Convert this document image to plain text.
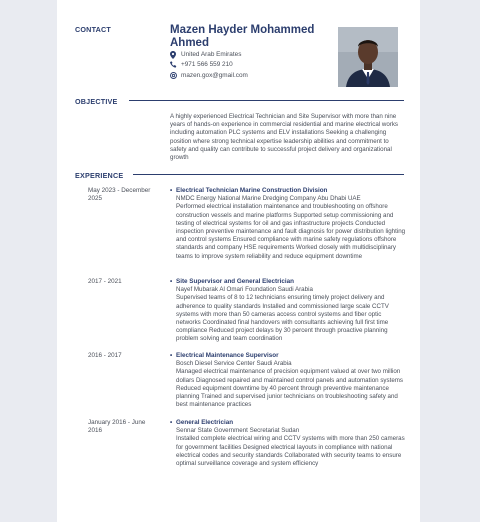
CONTACT	Mazen Hayder Mohammed Ahmed
United Arab Emirates
+971 566 559 210
mazen.gox@gmail.com
OBJECTIVE
A highly experienced Electrical Technician and Site Supervisor with more than nine years of hands-on experience in commercial residential and marine electrical works including automation PLC systems and ELV installations Seeking a challenging position where strong technical expertise leadership abilities and commitment to safety and quality can contribute to successful project delivery and organizational growth
EXPERIENCE
May 2023 - December 2025
• Electrical Technician Marine Construction Division
NMDC Energy National Marine Dredging Company Abu Dhabi UAE
Performed electrical installation maintenance and troubleshooting on offshore construction vessels and marine platforms Supported setup commissioning and testing of electrical systems for oil and gas infrastructure projects Conducted inspection preventive maintenance and fault diagnosis for power distribution lighting and control systems Ensured compliance with marine safety regulations offshore standards and company HSE requirements Worked closely with multidisciplinary teams to improve system reliability and reduce equipment downtime
2017 - 2021	• Site Supervisor and General Electrician
Nayef Mubarak Al Omari Foundation Saudi Arabia
Supervised teams of 8 to 12 technicians ensuring timely project delivery and adherence to quality standards Installed and commissioned large scale CCTV systems with more than 50 cameras access control systems and fiber optic networks Coordinated final handovers with consultants achieving full first time compliance Reduced project delays by 30 percent through proactive planning problem solving and team coordination
2016 - 2017	• Electrical Maintenance Supervisor
Bosch Diesel Service Center Saudi Arabia
Managed electrical maintenance of precision equipment valued at over two million dollars Diagnosed repaired and maintained control panels and automation systems Reduced equipment downtime by 40 percent through preventive maintenance planning Trained and supervised junior technicians on troubleshooting safety and best maintenance practices
January 2016 - June 2016
• General Electrician
Sennar State Government Secretariat Sudan
Installed complete electrical wiring and CCTV systems with more than 250 cameras for government facilities Designed electrical layouts in compliance with national electrical codes and security standards Collaborated with security teams to ensure optimal surveillance coverage and system efficiency
